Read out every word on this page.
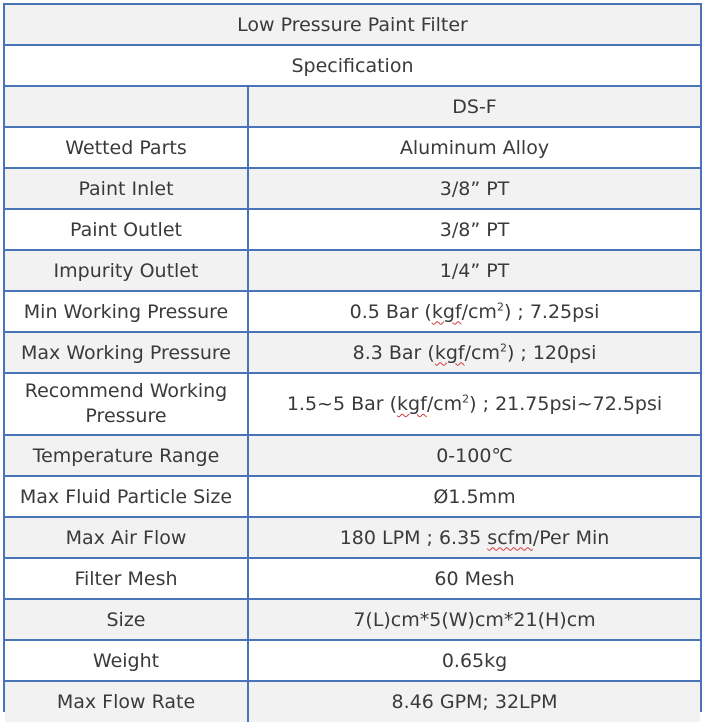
Low Pressure Paint Filter	
Specification	
	DS-F
Wetted Parts	Aluminum Alloy
Paint Inlet	3/8” PT
Paint Outlet	3/8” PT
Impurity Outlet	1/4” PT
Min Working Pressure	0.5 Bar $(kgf/cm^2)$ ; 7.25psi
Max Working Pressure	8.3 Bar $(kgf/cm^2)$ ; 120psi

Recommend Working
Pressure	1.5~5 Bar $(kgf/cm^2)$ ; 21.75psi~72.5psi
Temperature Range	0-100℃
Max Fluid Particle Size	Ø1.5mm
Max Air Flow	180 LPM ; 6.35 scfm/Per Min
Filter Mesh	60 Mesh
Size	7(L)cm*5(W)cm*21(H)cm
Weight	0.65kg
Max Flow Rate	8.46 GPM; 32LPM
